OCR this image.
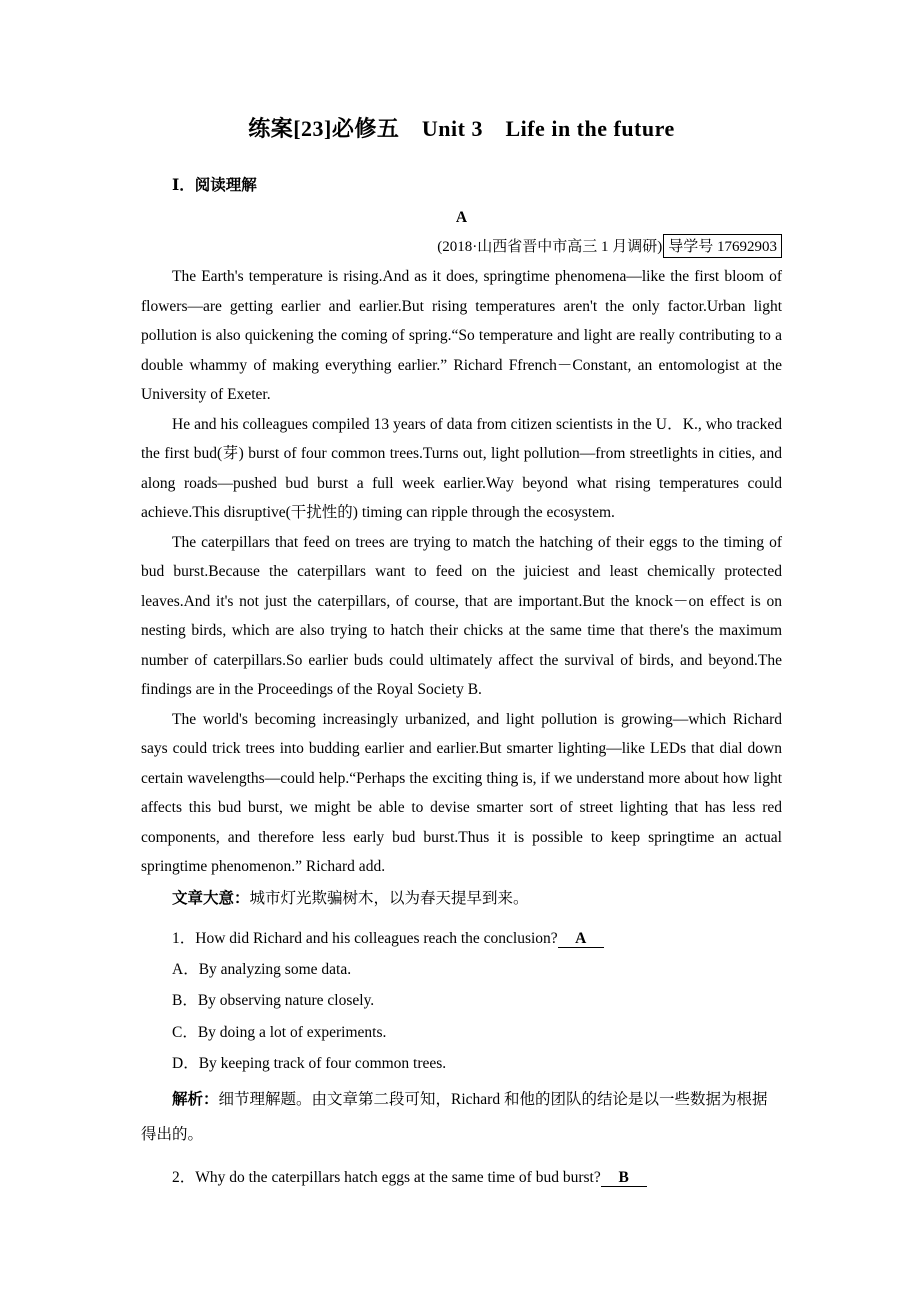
练案[23]必修五　Unit 3　Life in the future
Ⅰ．阅读理解
A
(2018·山西省晋中市高三 1 月调研) 导学号 17692903

The Earth's temperature is rising.And as it does, springtime phenomena—like the first bloom of flowers—are getting earlier and earlier.But rising temperatures aren't the only factor.Urban light pollution is also quickening the coming of spring.“So temperature and light are really contributing to a double whammy of making everything earlier.” Richard Ffrench－Constant, an entomologist at the University of Exeter.

He and his colleagues compiled 13 years of data from citizen scientists in the U．K., who tracked the first bud(芽) burst of four common trees.Turns out, light pollution—from streetlights in cities, and along roads—pushed bud burst a full week earlier.Way beyond what rising temperatures could achieve.This disruptive(干扰性的) timing can ripple through the ecosystem.

The caterpillars that feed on trees are trying to match the hatching of their eggs to the timing of bud burst.Because the caterpillars want to feed on the juiciest and least chemically protected leaves.And it's not just the caterpillars, of course, that are important.But the knock－on effect is on nesting birds, which are also trying to hatch their chicks at the same time that there's the maximum number of caterpillars.So earlier buds could ultimately affect the survival of birds, and beyond.The findings are in the Proceedings of the Royal Society B.

The world's becoming increasingly urbanized, and light pollution is growing—which Richard says could trick trees into budding earlier and earlier.But smarter lighting—like LEDs that dial down certain wavelengths—could help.“Perhaps the exciting thing is, if we understand more about how light affects this bud burst, we might be able to devise smarter sort of street lighting that has less red components, and therefore less early bud burst.Thus it is possible to keep springtime an actual springtime phenomenon.” Richard add.

文章大意：城市灯光欺骗树木，以为春天提早到来。
1．How did Richard and his colleagues reach the conclusion? A
A．By analyzing some data.
B．By observing nature closely.
C．By doing a lot of experiments.
D．By keeping track of four common trees.
解析：细节理解题。由文章第二段可知，Richard 和他的团队的结论是以一些数据为根据得出的。
2．Why do the caterpillars hatch eggs at the same time of bud burst? B
